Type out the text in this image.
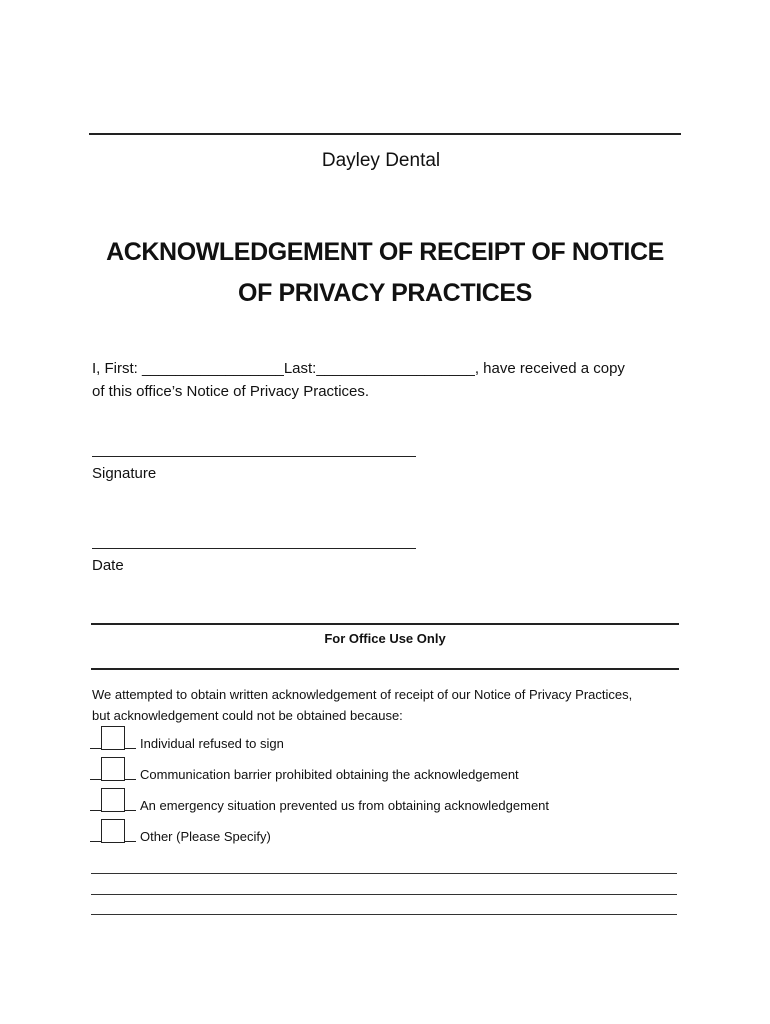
Dayley Dental
ACKNOWLEDGEMENT OF RECEIPT OF NOTICE
OF PRIVACY PRACTICES
I, First: _________________Last:___________________, have received a copy
of this office’s Notice of Privacy Practices.
Signature
Date
For Office Use Only
We attempted to obtain written acknowledgement of receipt of our Notice of Privacy Practices,
but acknowledgement could not be obtained because:
Individual refused to sign
Communication barrier prohibited obtaining the acknowledgement
An emergency situation prevented us from obtaining acknowledgement
Other (Please Specify)
